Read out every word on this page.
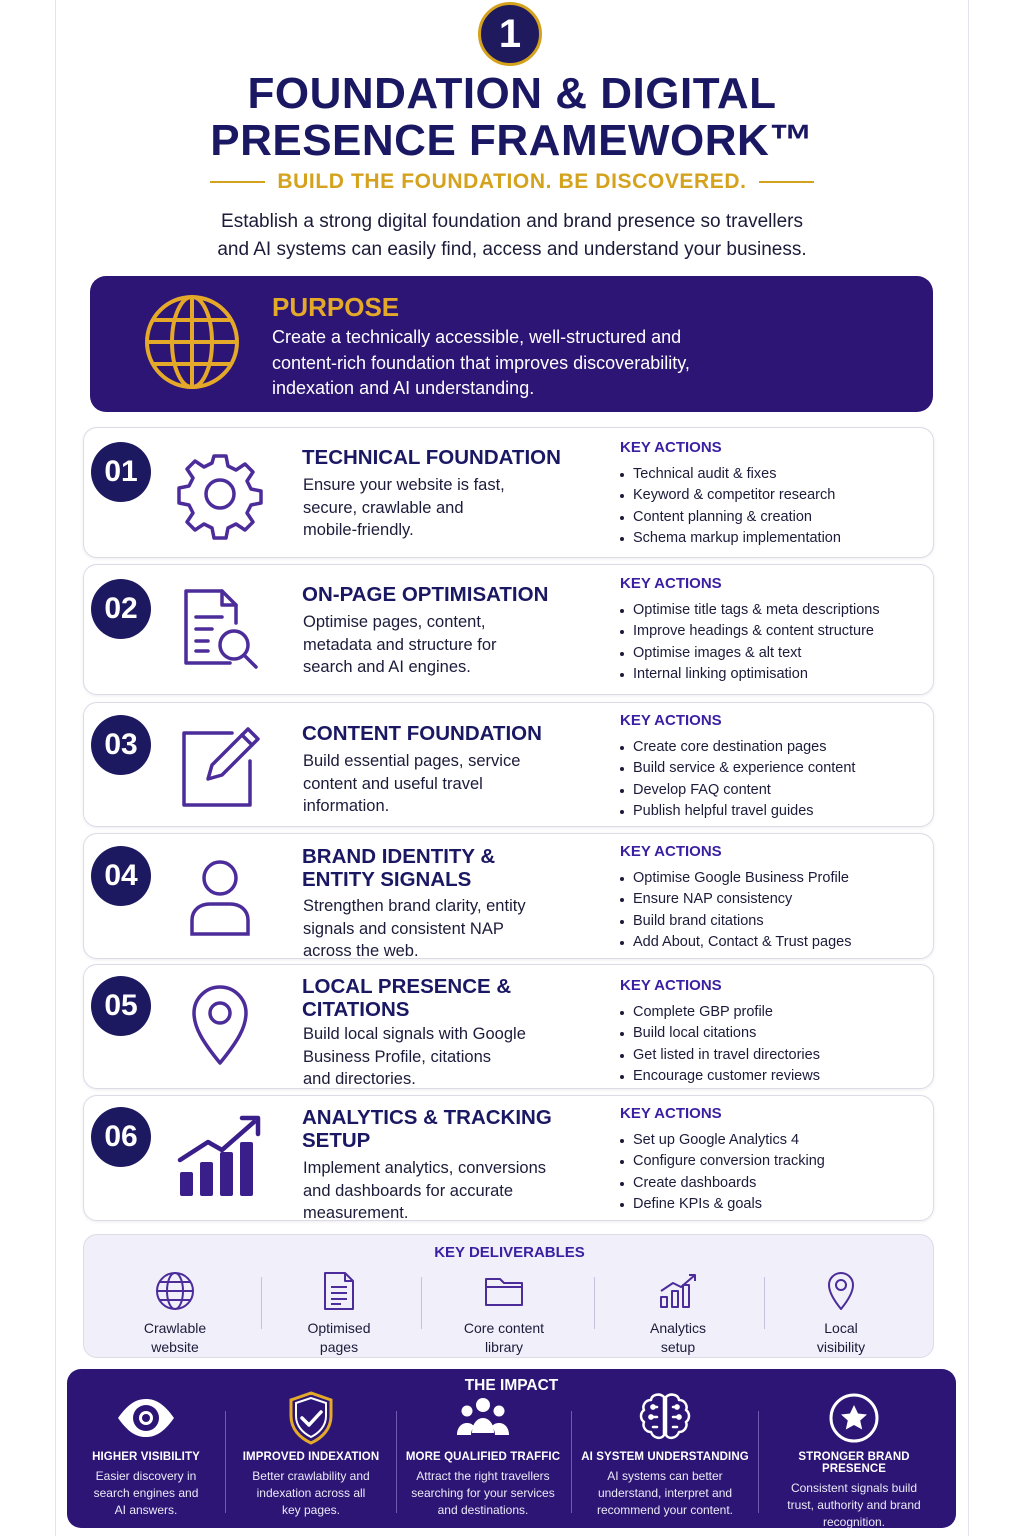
1
FOUNDATION & DIGITAL
PRESENCE FRAMEWORK™
BUILD THE FOUNDATION. BE DISCOVERED.
Establish a strong digital foundation and brand presence so travellers
and AI systems can easily find, access and understand your business.
PURPOSE
Create a technically accessible, well-structured and
content-rich foundation that improves discoverability,
indexation and AI understanding.
01	TECHNICAL FOUNDATION
Ensure your website is fast,
secure, crawlable and
mobile-friendly.
KEY ACTIONS
Technical audit & fixes
Keyword & competitor research
Content planning & creation
Schema markup implementation
02	ON-PAGE OPTIMISATION
Optimise pages, content,
metadata and structure for
search and AI engines.
KEY ACTIONS
Optimise title tags & meta descriptions
Improve headings & content structure
Optimise images & alt text
Internal linking optimisation
03	CONTENT FOUNDATION
Build essential pages, service
content and useful travel
information.
KEY ACTIONS
Create core destination pages
Build service & experience content
Develop FAQ content
Publish helpful travel guides
04
BRAND IDENTITY &
ENTITY SIGNALS
Strengthen brand clarity, entity
signals and consistent NAP
across the web.
KEY ACTIONS
Optimise Google Business Profile
Ensure NAP consistency
Build brand citations
Add About, Contact & Trust pages
05
LOCAL PRESENCE &
CITATIONS
Build local signals with Google
Business Profile, citations
and directories.
KEY ACTIONS
Complete GBP profile
Build local citations
Get listed in travel directories
Encourage customer reviews
06
ANALYTICS & TRACKING
SETUP
Implement analytics, conversions
and dashboards for accurate
measurement.
KEY ACTIONS
Set up Google Analytics 4
Configure conversion tracking
Create dashboards
Define KPIs & goals
KEY DELIVERABLES
Crawlable
website
Optimised
pages
Core content
library
Analytics
setup
Local
visibility
THE IMPACT
HIGHER VISIBILITY
Easier discovery in
search engines and
AI answers.
IMPROVED INDEXATION
Better crawlability and
indexation across all
key pages.
MORE QUALIFIED TRAFFIC
Attract the right travellers
searching for your services
and destinations.
AI SYSTEM UNDERSTANDING
AI systems can better
understand, interpret and
recommend your content.
STRONGER BRAND PRESENCE
Consistent signals build
trust, authority and brand
recognition.
